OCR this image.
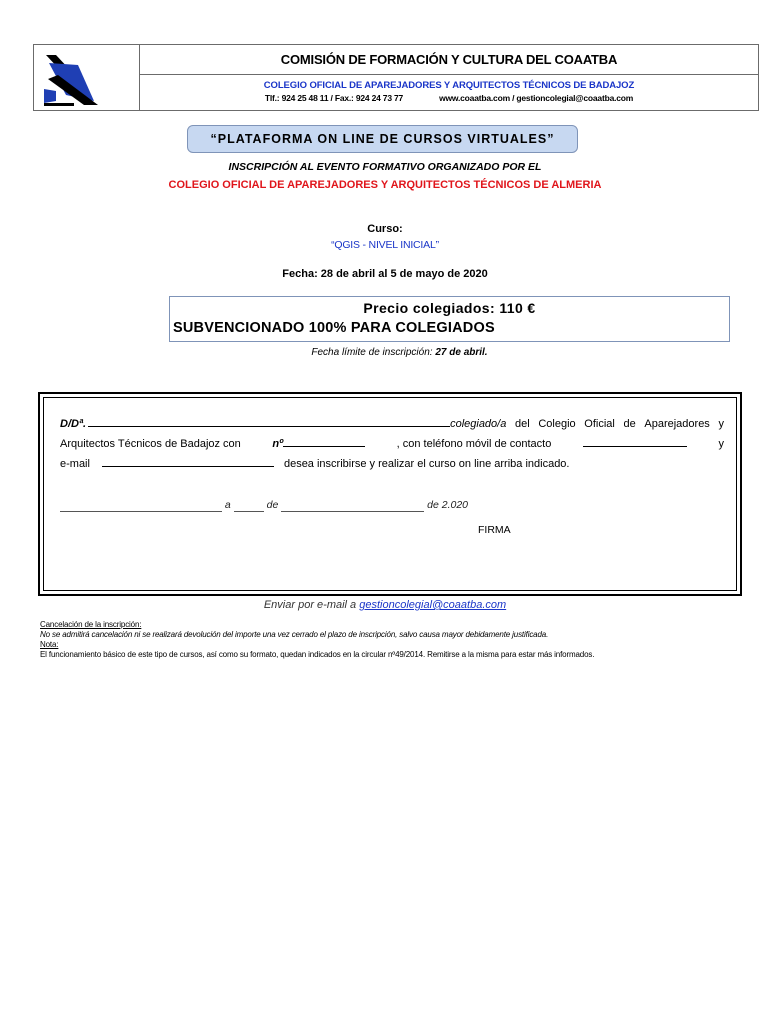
COMISIÓN DE FORMACIÓN Y CULTURA DEL COAATBA
COLEGIO OFICIAL DE APAREJADORES Y ARQUITECTOS TÉCNICOS DE BADAJOZ
Tlf.: 924 25 48 11 / Fax.: 924 24 73 77	www.coaatba.com / gestioncolegial@coaatba.com
“PLATAFORMA ON LINE DE CURSOS VIRTUALES”
INSCRIPCIÓN AL EVENTO FORMATIVO ORGANIZADO POR EL
COLEGIO OFICIAL DE APAREJADORES Y ARQUITECTOS TÉCNICOS DE ALMERIA
Curso:
“QGIS - NIVEL INICIAL”
Fecha: 28 de abril al 5 de mayo de 2020
Precio colegiados: 110 €
SUBVENCIONADO 100% PARA COLEGIADOS
Fecha límite de inscripción: 27 de abril.
D/Dª.	colegiado/a del Colegio Oficial de Aparejadores y
Arquitectos Técnicos de Badajoz con	nº	, con teléfono móvil de contacto	y
e-mail	desea inscribirse y realizar el curso on line arriba indicado.
a	de	de 2.020
FIRMA
Enviar por e-mail a gestioncolegial@coaatba.com
Cancelación de la inscripción:
No se admitirá cancelación ni se realizará devolución del importe una vez cerrado el plazo de inscripción, salvo causa mayor debidamente justificada.
Nota:
El funcionamiento básico de este tipo de cursos, así como su formato, quedan indicados en la circular nº49/2014. Remitirse a la misma para estar más informados.
